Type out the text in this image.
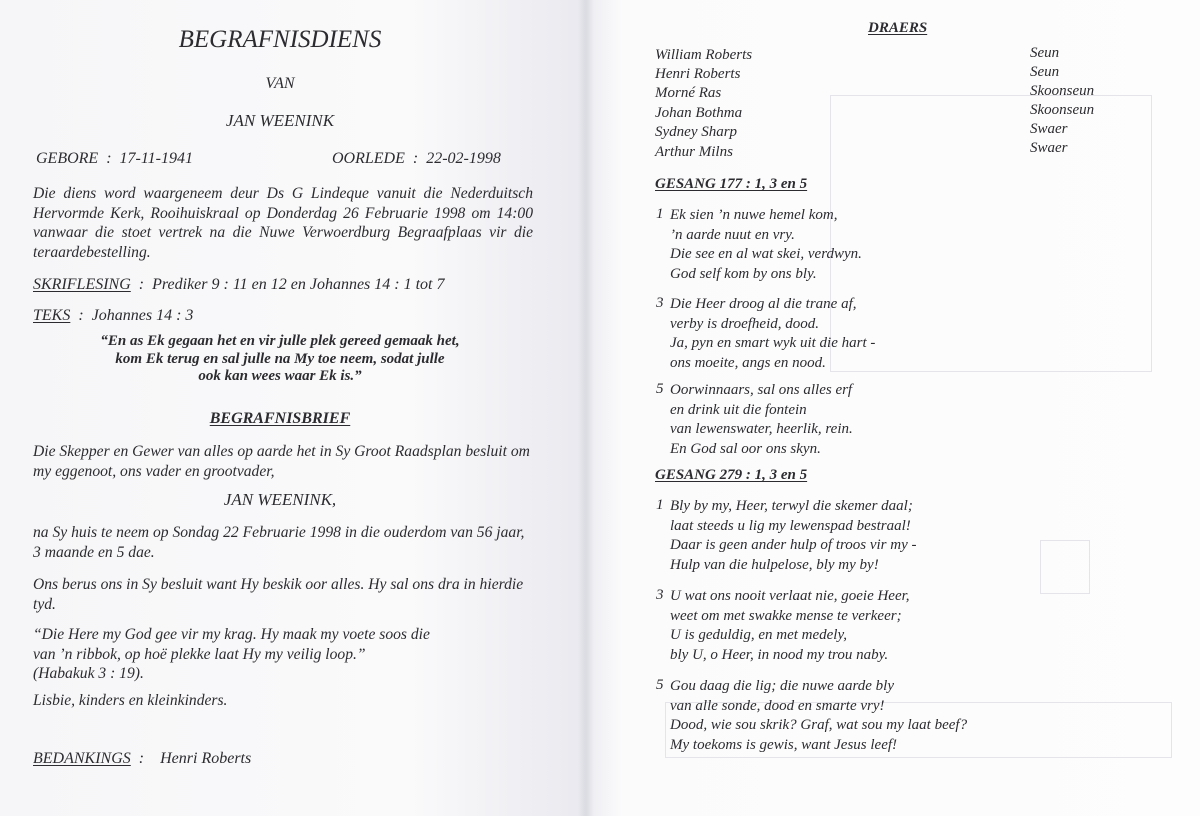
BEGRAFNISDIENS
VAN
JAN WEENINK
GEBORE  :  17-11-1941	OORLEDE  :  22-02-1998
Die diens word waargeneem deur Ds G Lindeque vanuit die Nederduitsch Hervormde Kerk, Rooihuiskraal op Donderdag 26 Februarie 1998 om 14:00 vanwaar die stoet vertrek na die Nuwe Verwoerdburg Begraafplaas vir die teraardebestelling.
SKRIFLESING  :  Prediker 9 : 11 en 12 en Johannes 14 : 1 tot 7
TEKS  :  Johannes 14 : 3
“En as Ek gegaan het en vir julle plek gereed gemaak het,
kom Ek terug en sal julle na My toe neem, sodat julle
ook kan wees waar Ek is.”
BEGRAFNISBRIEF
Die Skepper en Gewer van alles op aarde het in Sy Groot Raadsplan besluit om my eggenoot, ons vader en grootvader,
JAN WEENINK,
na Sy huis te neem op Sondag 22 Februarie 1998 in die ouderdom van 56 jaar, 3 maande en 5 dae.
Ons berus ons in Sy besluit want Hy beskik oor alles. Hy sal ons dra in hierdie tyd.
“Die Here my God gee vir my krag. Hy maak my voete soos die
van ’n ribbok, op hoë plekke laat Hy my veilig loop.”
(Habakuk 3 : 19).
Lisbie, kinders en kleinkinders.
BEDANKINGS  :    Henri Roberts
DRAERS
William Roberts	Seun
Henri Roberts	Seun
Morné Ras	Skoonseun
Johan Bothma	Skoonseun
Sydney Sharp	Swaer
Arthur Milns	Swaer
GESANG 177 : 1, 3 en 5
1 Ek sien ’n nuwe hemel kom,
’n aarde nuut en vry.
Die see en al wat skei, verdwyn.
God self kom by ons bly.
3 Die Heer droog al die trane af,
verby is droefheid, dood.
Ja, pyn en smart wyk uit die hart -
ons moeite, angs en nood.
5 Oorwinnaars, sal ons alles erf
en drink uit die fontein
van lewenswater, heerlik, rein.
En God sal oor ons skyn.
GESANG 279 : 1, 3 en 5
1 Bly by my, Heer, terwyl die skemer daal;
laat steeds u lig my lewenspad bestraal!
Daar is geen ander hulp of troos vir my -
Hulp van die hulpelose, bly my by!
3 U wat ons nooit verlaat nie, goeie Heer,
weet om met swakke mense te verkeer;
U is geduldig, en met medely,
bly U, o Heer, in nood my trou naby.
5 Gou daag die lig; die nuwe aarde bly
van alle sonde, dood en smarte vry!
Dood, wie sou skrik? Graf, wat sou my laat beef?
My toekoms is gewis, want Jesus leef!
